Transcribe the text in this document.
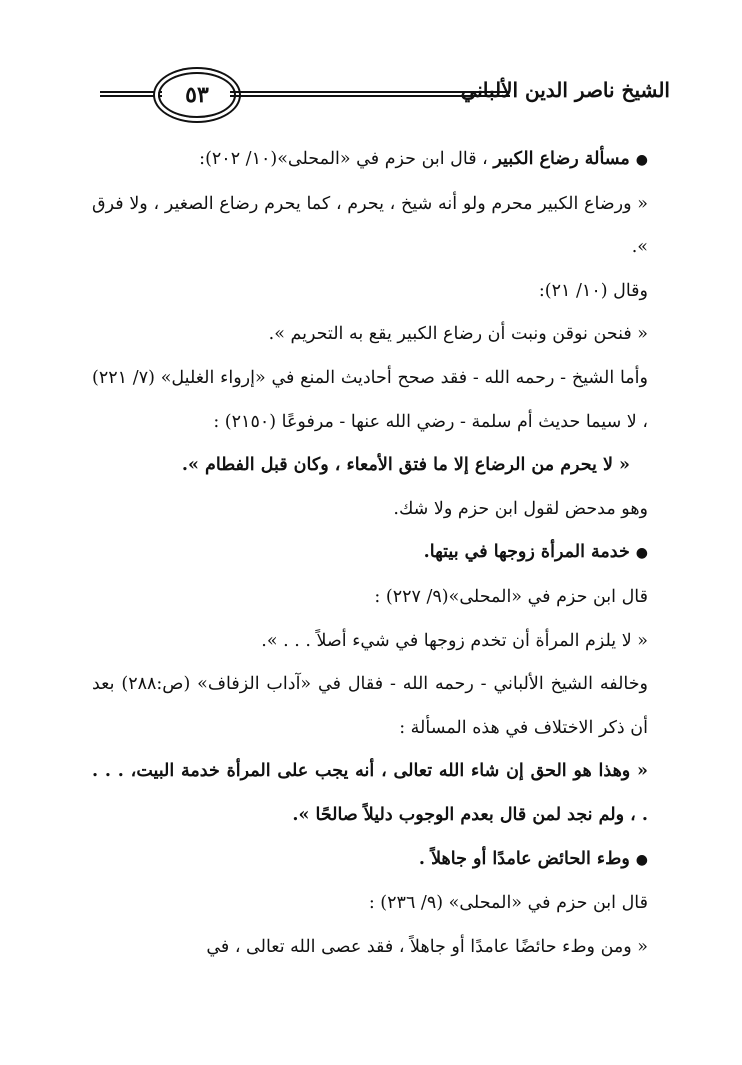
٥٣	الشيخ ناصر الدين الألباني

● مسألة رضاع الكبير ، قال ابن حزم في «المحلى»(١٠/ ٢٠٢):

« ورضاع الكبير محرم ولو أنه شيخ ، يحرم ، كما يحرم رضاع الصغير ، ولا فرق ».

وقال (١٠/ ٢١):

« فنحن نوقن ونبت أن رضاع الكبير يقع به التحريم ».

وأما الشيخ - رحمه الله - فقد صحح أحاديث المنع في «إرواء الغليل» (٧/ ٢٢١) ، لا سيما حديث أم سلمة - رضي الله عنها - مرفوعًا (٢١٥٠) :

« لا يحرم من الرضاع إلا ما فتق الأمعاء ، وكان قبل الفطام ».

وهو مدحض لقول ابن حزم ولا شك.

● خدمة المرأة زوجها في بيتها.

قال ابن حزم في «المحلى»(٩/ ٢٢٧) :

« لا يلزم المرأة أن تخدم زوجها في شيء أصلاً . . . ».

وخالفه الشيخ الألباني - رحمه الله - فقال في «آداب الزفاف» (ص:٢٨٨) بعد أن ذكر الاختلاف في هذه المسألة :

« وهذا هو الحق إن شاء الله تعالى ، أنه يجب على المرأة خدمة البيت، . . . . ، ولم نجد لمن قال بعدم الوجوب دليلاً صالحًا ».

● وطء الحائض عامدًا أو جاهلاً .

قال ابن حزم في «المحلى» (٩/ ٢٣٦) :

« ومن وطء حائضًا عامدًا أو جاهلاً ، فقد عصى الله تعالى ، في
